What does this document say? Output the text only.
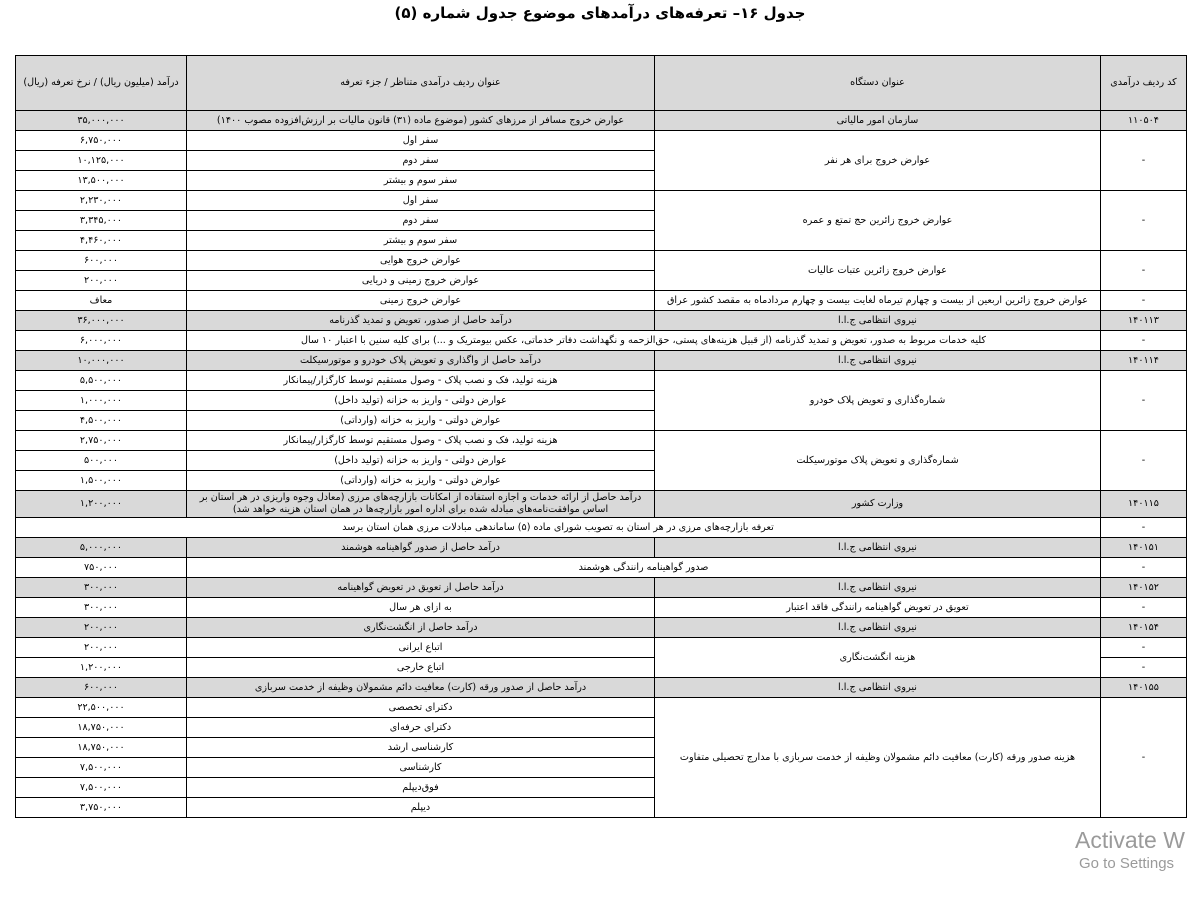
جدول ۱۶– تعرفه‌های درآمدهای موضوع جدول شماره (۵)
کد ردیف درآمدی	عنوان دستگاه	عنوان ردیف درآمدی متناظر / جزء تعرفه	درآمد (میلیون ریال) / نرخ تعرفه (ریال)
۱۱۰۵۰۴	سازمان امور مالیاتی	عوارض خروج مسافر از مرزهای کشور (موضوع ماده (۳۱) قانون مالیات بر ارزش‌افزوده مصوب ۱۴۰۰)	۳۵,۰۰۰,۰۰۰
-	عوارض خروج برای هر نفر	سفر اول	۶,۷۵۰,۰۰۰
		سفر دوم	۱۰,۱۲۵,۰۰۰
		سفر سوم و بیشتر	۱۳,۵۰۰,۰۰۰
-	عوارض خروج زائرین حج تمتع و عمره	سفر اول	۲,۲۳۰,۰۰۰
		سفر دوم	۳,۳۴۵,۰۰۰
		سفر سوم و بیشتر	۴,۴۶۰,۰۰۰
-	عوارض خروج زائرین عتبات عالیات	عوارض خروج هوایی	۶۰۰,۰۰۰
		عوارض خروج زمینی و دریایی	۲۰۰,۰۰۰
-	عوارض خروج زائرین اربعین از بیست و چهارم تیرماه لغایت بیست و چهارم مردادماه به مقصد کشور عراق	عوارض خروج زمینی	معاف
۱۴۰۱۱۳	نیروی انتظامی ج.ا.ا	درآمد حاصل از صدور، تعویض و تمدید گذرنامه	۳۶,۰۰۰,۰۰۰
-	کلیه خدمات مربوط به صدور، تعویض و تمدید گذرنامه (از قبیل هزینه‌های پستی، حق‌الزحمه و نگهداشت دفاتر خدماتی، عکس بیومتریک و ...) برای کلیه سنین با اعتبار ۱۰ سال		۶,۰۰۰,۰۰۰
۱۴۰۱۱۴	نیروی انتظامی ج.ا.ا	درآمد حاصل از واگذاری و تعویض پلاک خودرو و موتورسیکلت	۱۰,۰۰۰,۰۰۰
-	شماره‌گذاری و تعویض پلاک خودرو	هزینه تولید، فک و نصب پلاک - وصول مستقیم توسط کارگزار/پیمانکار	۵,۵۰۰,۰۰۰
		عوارض دولتی - واریز به خزانه (تولید داخل)	۱,۰۰۰,۰۰۰
		عوارض دولتی - واریز به خزانه (وارداتی)	۴,۵۰۰,۰۰۰
-	شماره‌گذاری و تعویض پلاک موتورسیکلت	هزینه تولید، فک و نصب پلاک - وصول مستقیم توسط کارگزار/پیمانکار	۲,۷۵۰,۰۰۰
		عوارض دولتی - واریز به خزانه (تولید داخل)	۵۰۰,۰۰۰
		عوارض دولتی - واریز به خزانه (وارداتی)	۱,۵۰۰,۰۰۰
۱۴۰۱۱۵	وزارت کشور	درآمد حاصل از ارائه خدمات و اجازه استفاده از امکانات بازارچه‌های مرزی (معادل وجوه واریزی در هر استان بر اساس موافقت‌نامه‌های مبادله شده برای اداره امور بازارچه‌ها در همان استان هزینه خواهد شد)	۱,۲۰۰,۰۰۰
-	تعرفه بازارچه‌های مرزی در هر استان به تصویب شورای ماده (۵) ساماندهی مبادلات مرزی همان استان برسد		
۱۴۰۱۵۱	نیروی انتظامی ج.ا.ا	درآمد حاصل از صدور گواهینامه هوشمند	۵,۰۰۰,۰۰۰
-	صدور گواهینامه رانندگی هوشمند		۷۵۰,۰۰۰
۱۴۰۱۵۲	نیروی انتظامی ج.ا.ا	درآمد حاصل از تعویق در تعویض گواهینامه	۳۰۰,۰۰۰
-	تعویق در تعویض گواهینامه رانندگی فاقد اعتبار	به ازای هر سال	۳۰۰,۰۰۰
۱۴۰۱۵۴	نیروی انتظامی ج.ا.ا	درآمد حاصل از انگشت‌نگاری	۲۰۰,۰۰۰
-	هزینه انگشت‌نگاری	اتباع ایرانی	۲۰۰,۰۰۰
-		اتباع خارجی	۱,۲۰۰,۰۰۰
۱۴۰۱۵۵	نیروی انتظامی ج.ا.ا	درآمد حاصل از صدور ورقه (کارت) معافیت دائم مشمولان وظیفه از خدمت سربازی	۶۰۰,۰۰۰
-	هزینه صدور ورقه (کارت) معافیت دائم مشمولان وظیفه از خدمت سربازی با مدارج تحصیلی متفاوت	دکترای تخصصی	۲۲,۵۰۰,۰۰۰
		دکترای حرفه‌ای	۱۸,۷۵۰,۰۰۰
		کارشناسی ارشد	۱۸,۷۵۰,۰۰۰
		کارشناسی	۷,۵۰۰,۰۰۰
		فوق‌دیپلم	۷,۵۰۰,۰۰۰
		دیپلم	۳,۷۵۰,۰۰۰
Activate W
Go to Settings
